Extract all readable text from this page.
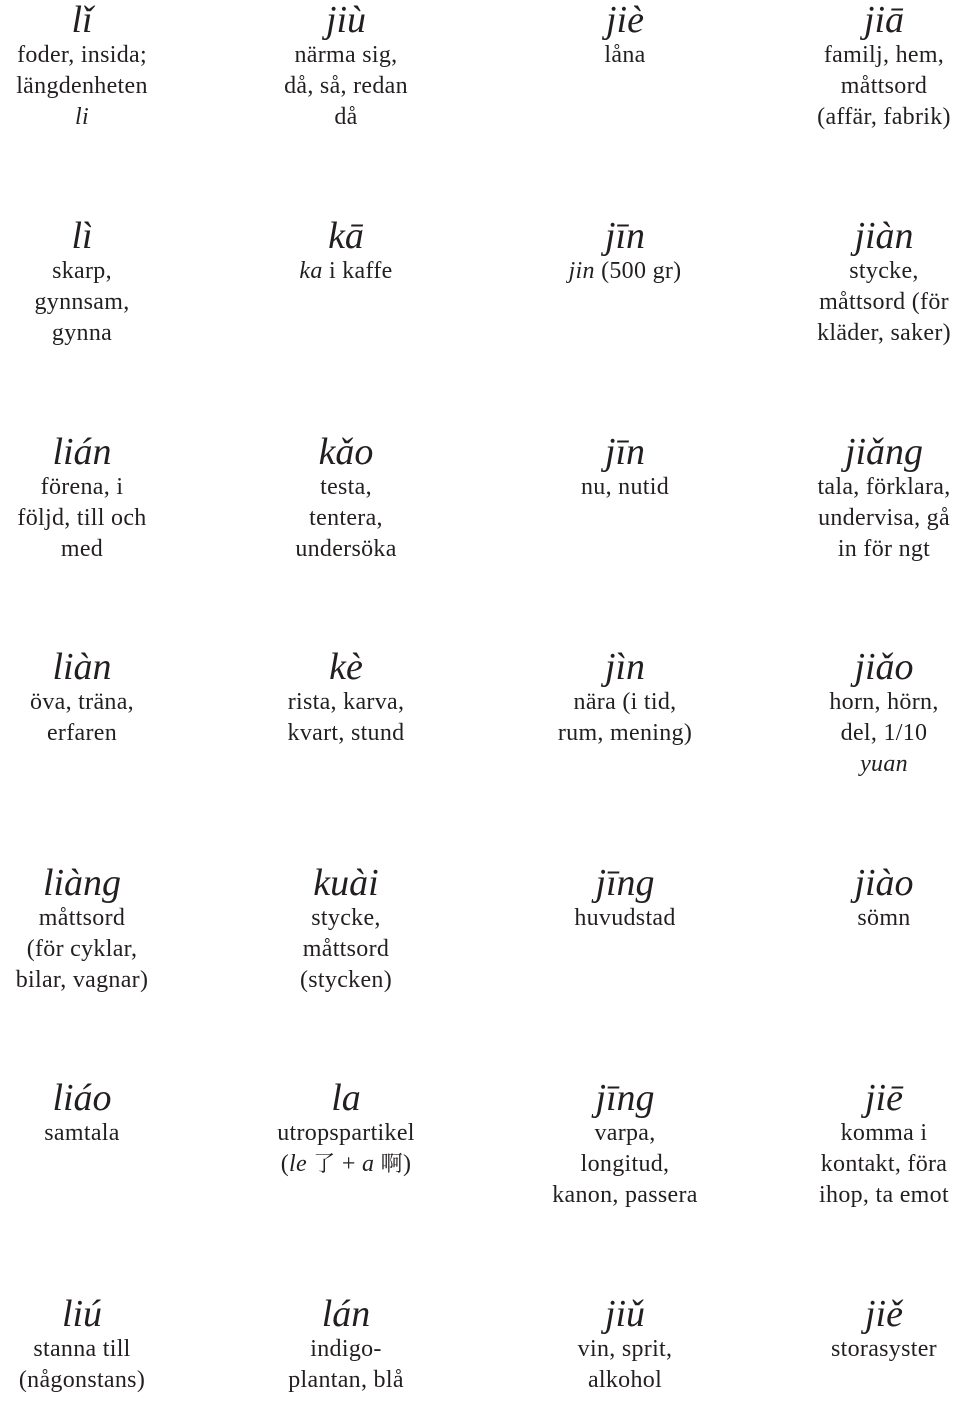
lǐ
foder, insida;
längdenheten
li
jiù
närma sig,
då, så, redan
då
jiè
låna
jiā
familj, hem,
måttsord
(affär, fabrik)
lì
skarp,
gynnsam,
gynna
kā
ka i kaffe
jīn
jin (500 gr)
jiàn
stycke,
måttsord (för
kläder, saker)
lián
förena, i
följd, till och
med
kǎo
testa,
tentera,
undersöka
jīn
nu, nutid
jiǎng
tala, förklara,
undervisa, gå
in för ngt
liàn
öva, träna,
erfaren
kè
rista, karva,
kvart, stund
jìn
nära (i tid,
rum, mening)
jiǎo
horn, hörn,
del, 1/10
yuan
liàng
måttsord
(för cyklar,
bilar, vagnar)
kuài
stycke,
måttsord
(stycken)
jīng
huvudstad
jiào
sömn
liáo
samtala
la
utropspartikel
(le 了 + a 啊)
jīng
varpa,
longitud,
kanon, passera
jiē
komma i
kontakt, föra
ihop, ta emot
liú
stanna till
(någonstans)
lán
indigo-
plantan, blå
jiǔ
vin, sprit,
alkohol
jiě
storasyster
